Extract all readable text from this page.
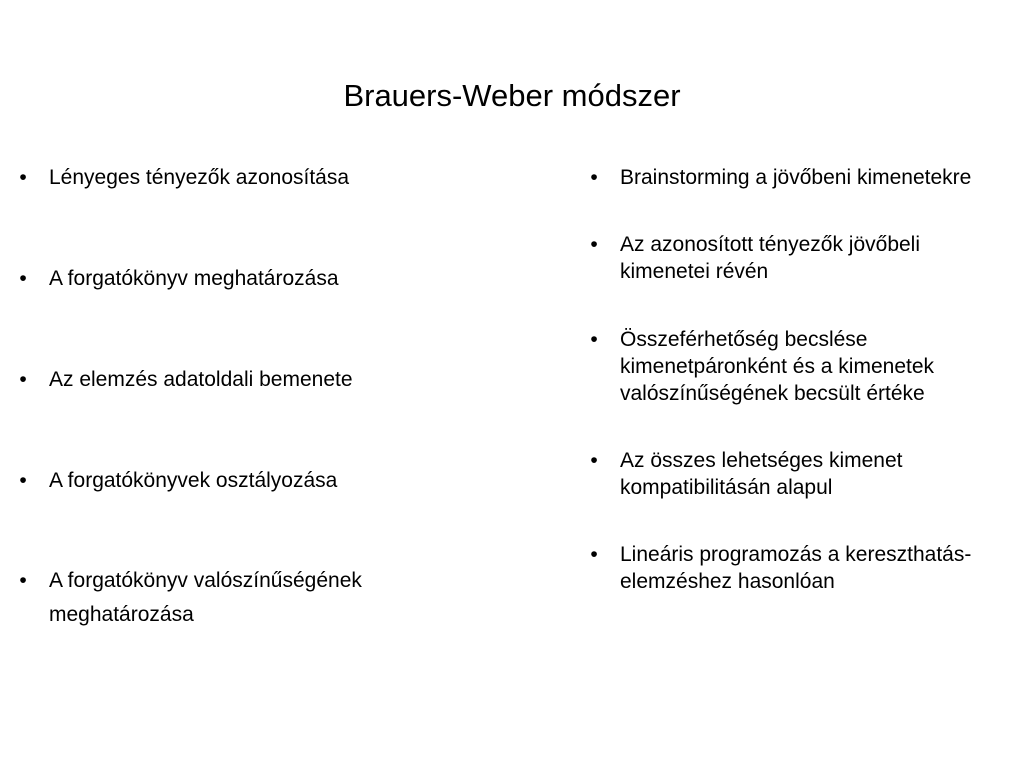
Brauers-Weber módszer
•	Lényeges tényezők azonosítása
•	A forgatókönyv meghatározása
•	Az elemzés adatoldali bemenete
•	A forgatókönyvek osztályozása
•	A forgatókönyv valószínűségének meghatározása
•	Brainstorming a jövőbeni kimenetekre
•	Az azonosított tényezők jövőbeli kimenetei révén
•	Összeférhetőség becslése kimenetpáronként és a kimenetek valószínűségének becsült értéke
•	Az összes lehetséges kimenet kompatibilitásán alapul
•	Lineáris programozás a kereszthatás-elemzéshez hasonlóan
